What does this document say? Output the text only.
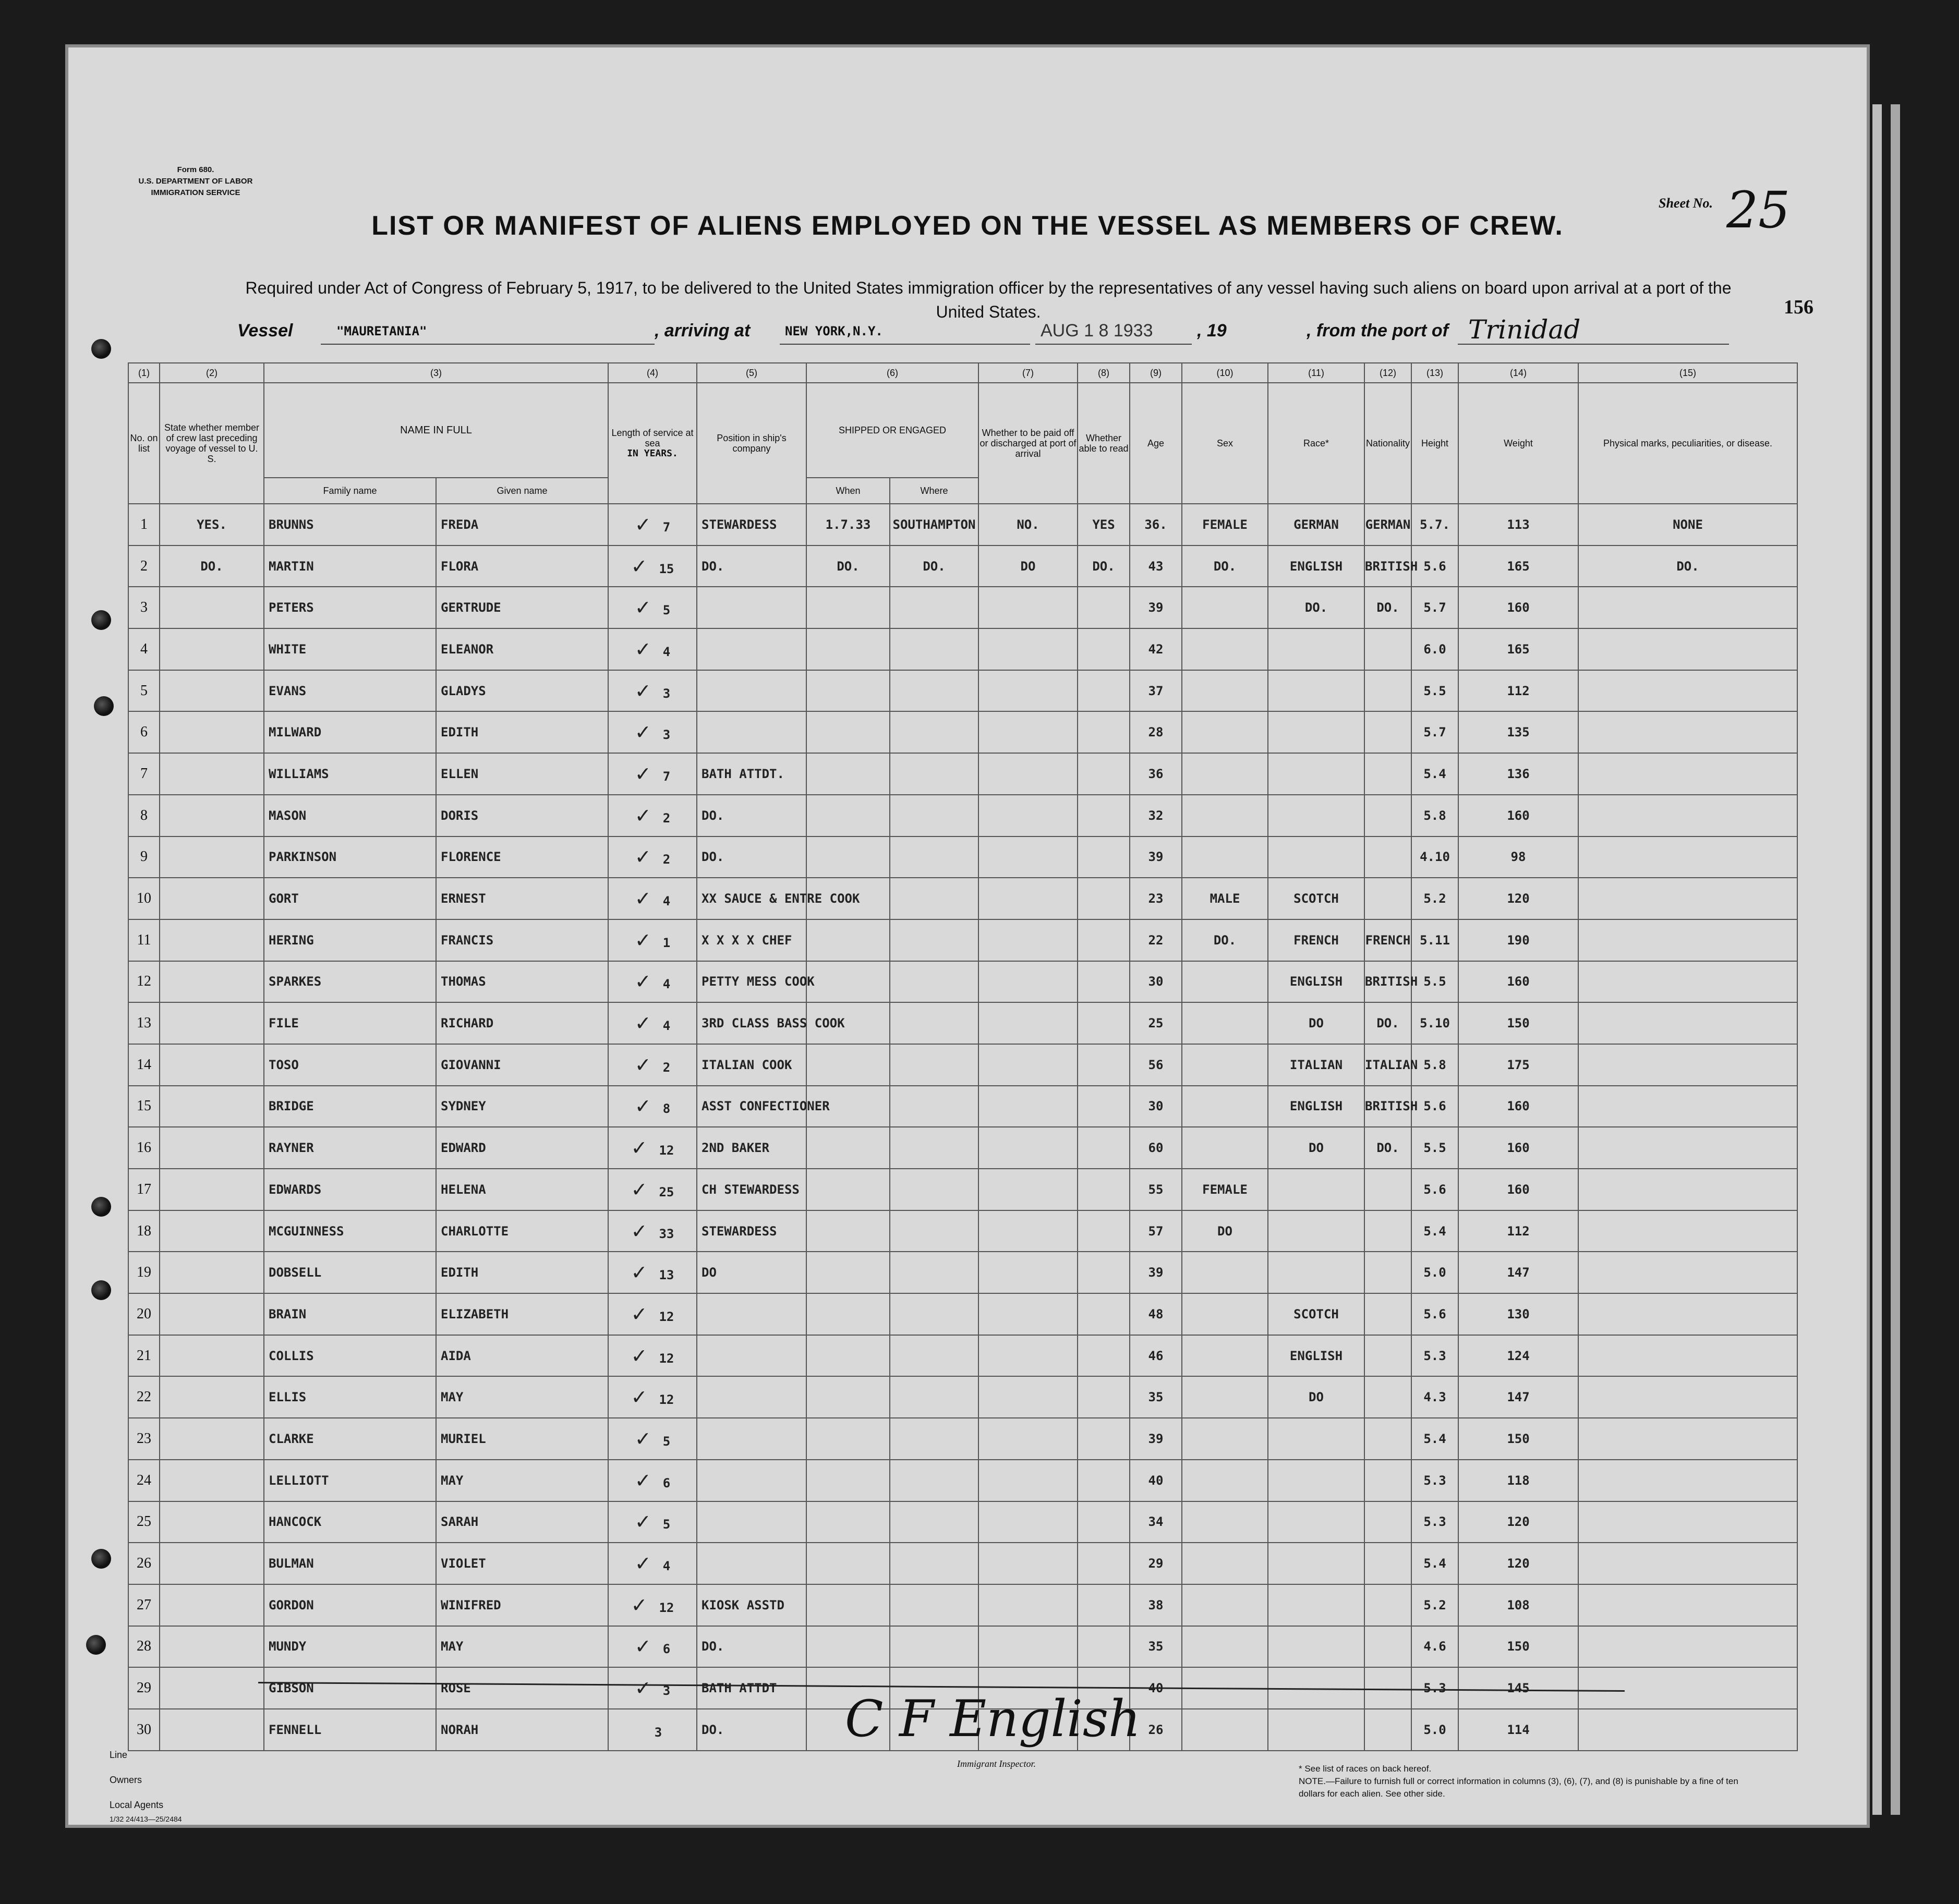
Form 680.
U.S. DEPARTMENT OF LABOR
IMMIGRATION SERVICE
Sheet No. 25
LIST OR MANIFEST OF ALIENS EMPLOYED ON THE VESSEL AS MEMBERS OF CREW.
Required under Act of Congress of February 5, 1917, to be delivered to the United States immigration officer by the representatives of any vessel having such aliens on board upon arrival at a port of the United States.	156
Vessel	"MAURETANIA"	, arriving at	NEW YORK,N.Y.	AUG 1 8 1933 , 19	, from the port of Trinidad
(1)	(2)	(3)		(4)	(5)	(6)		(7)	(8)	(9)	(10)	(11)	(12)	(13)	(14)	(15)	
No. on list	State whether member of crew last preceding voyage of vessel to U. S.	NAME IN FULL		Length of service at sea
IN YEARS.	Position in ship's company	SHIPPED OR ENGAGED		Whether to be paid off or discharged at port of arrival	Whether able to read	Age	Sex	Race*	Nationality	Height	Weight	Physical marks, peculiarities, or disease.	
		Family name	Given name			When	Where										
1	YES.	BRUNNS	FREDA	✓ 7	STEWARDESS	1.7.33	SOUTHAMPTON	NO.	YES	36.	FEMALE	GERMAN	GERMAN	5.7.	113	NONE	
2	DO.	MARTIN	FLORA	✓ 15	DO.	DO.	DO.	DO	DO.	43	DO.	ENGLISH	BRITISH	5.6	165	DO.	
3		PETERS	GERTRUDE	✓ 5						39		DO.	DO.	5.7	160		
4		WHITE	ELEANOR	✓ 4						42				6.0	165		
5		EVANS	GLADYS	✓ 3						37				5.5	112		
6		MILWARD	EDITH	✓ 3						28				5.7	135		
7		WILLIAMS	ELLEN	✓ 7	BATH ATTDT.					36				5.4	136		
8		MASON	DORIS	✓ 2	DO.					32				5.8	160		
9		PARKINSON	FLORENCE	✓ 2	DO.					39				4.10	98		
10		GORT	ERNEST	✓ 4	XX SAUCE & ENTRE COOK					23	MALE	SCOTCH		5.2	120		
11		HERING	FRANCIS	✓ 1	X X X X CHEF					22	DO.	FRENCH	FRENCH	5.11	190		
12		SPARKES	THOMAS	✓ 4	PETTY MESS COOK					30		ENGLISH	BRITISH	5.5	160		
13		FILE	RICHARD	✓ 4	3RD CLASS BASS COOK					25		DO	DO.	5.10	150		
14		TOSO	GIOVANNI	✓ 2	ITALIAN COOK					56		ITALIAN	ITALIAN	5.8	175		
15		BRIDGE	SYDNEY	✓ 8	ASST CONFECTIONER					30		ENGLISH	BRITISH	5.6	160		
16		RAYNER	EDWARD	✓ 12	2ND BAKER					60		DO	DO.	5.5	160		
17		EDWARDS	HELENA	✓ 25	CH STEWARDESS					55	FEMALE			5.6	160		
18		MCGUINNESS	CHARLOTTE	✓ 33	STEWARDESS					57	DO			5.4	112		
19		DOBSELL	EDITH	✓ 13	DO					39				5.0	147		
20		BRAIN	ELIZABETH	✓ 12						48		SCOTCH		5.6	130		
21		COLLIS	AIDA	✓ 12						46		ENGLISH		5.3	124		
22		ELLIS	MAY	✓ 12						35		DO		4.3	147		
23		CLARKE	MURIEL	✓ 5						39				5.4	150		
24		LELLIOTT	MAY	✓ 6						40				5.3	118		
25		HANCOCK	SARAH	✓ 5						34				5.3	120		
26		BULMAN	VIOLET	✓ 4						29				5.4	120		
27		GORDON	WINIFRED	✓ 12	KIOSK ASSTD					38				5.2	108		
28		MUNDY	MAY	✓ 6	DO.					35				4.6	150		
29		GIBSON	ROSE	✓ 3	BATH ATTDT									5.3	145		
30		FENNELL	NORAH	3	DO.					26				5.0	114		
Line
Owners
Local Agents
1/32 24/413—25/2484
* See list of races on back hereof.
NOTE.—Failure to furnish full or correct information in columns (3), (6), (7), and (8) is punishable by a fine of ten dollars for each alien. See other side.
C F English
Immigrant Inspector.
